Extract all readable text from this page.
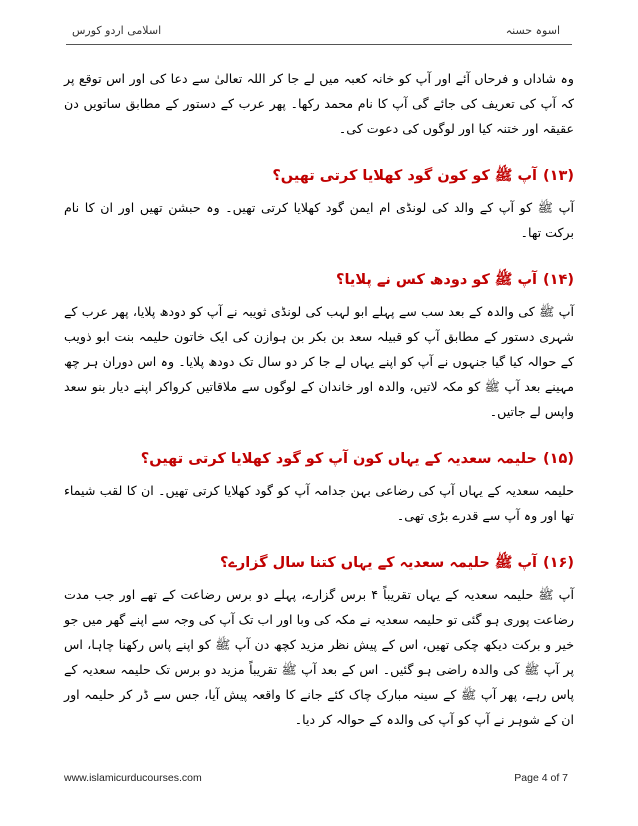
اسلامی اردو کورس	اسوہ حسنہ

وہ شاداں و فرحاں آئے اور آپ کو خانہ کعبہ میں لے جا کر اللہ تعالیٰ سے دعا کی اور اس توقع پر کہ آپ کی تعریف کی جائے گی آپ کا نام محمد رکھا۔ پھر عرب کے دستور کے مطابق ساتویں دن عقیقہ اور ختنہ کیا اور لوگوں کی دعوت کی۔

(۱۳)آپ ﷺ کو کون گود کھلایا کرتی تھیں؟

آپ ﷺ کو آپ کے والد کی لونڈی ام ایمن گود کھلایا کرتی تھیں۔ وہ حبشن تھیں اور ان کا نام برکت تھا۔

(۱۴)آپ ﷺ کو دودھ کس نے پلایا؟

آپ ﷺ کی والدہ کے بعد سب سے پہلے ابو لہب کی لونڈی ثویبہ نے آپ کو دودھ پلایا، پھر عرب کے شہری دستور کے مطابق آپ کو قبیلہ سعد بن بکر بن ہوازن کی ایک خاتون حلیمہ بنت ابو ذویب کے حوالہ کیا گیا جنہوں نے آپ کو اپنے یہاں لے جا کر دو سال تک دودھ پلایا۔ وہ اس دوران ہر چھ مہینے بعد آپ ﷺ کو مکہ لاتیں، والدہ اور خاندان کے لوگوں سے ملاقاتیں کرواکر اپنے دیار بنو سعد واپس لے جاتیں۔

(۱۵)حلیمہ سعدیہ کے یہاں کون آپ کو گود کھلایا کرتی تھیں؟

حلیمہ سعدیہ کے یہاں آپ کی رضاعی بہن جدامہ آپ کو گود کھلایا کرتی تھیں۔ ان کا لقب شیماء تھا اور وہ آپ سے قدرے بڑی تھی۔

(۱۶)آپ ﷺ حلیمہ سعدیہ کے یہاں کتنا سال گزارے؟

آپ ﷺ حلیمہ سعدیہ کے یہاں تقریباً ۴ برس گزارے، پہلے دو برس رضاعت کے تھے اور جب مدت رضاعت پوری ہو گئی تو حلیمہ سعدیہ نے مکہ کی وبا اور اب تک آپ کی وجہ سے اپنے گھر میں جو خیر و برکت دیکھ چکی تھیں، اس کے پیش نظر مزید کچھ دن آپ ﷺ کو اپنے پاس رکھنا چاہا، اس پر آپ ﷺ کی والدہ راضی ہو گئیں۔ اس کے بعد آپ ﷺ تقریباً مزید دو برس تک حلیمہ سعدیہ کے پاس رہے، پھر آپ ﷺ کے سینہ مبارک چاک کئے جانے کا واقعہ پیش آیا، جس سے ڈر کر حلیمہ اور ان کے شوہر نے آپ کو آپ کی والدہ کے حوالہ کر دیا۔

www.islamicurducourses.com	Page 4 of 7
